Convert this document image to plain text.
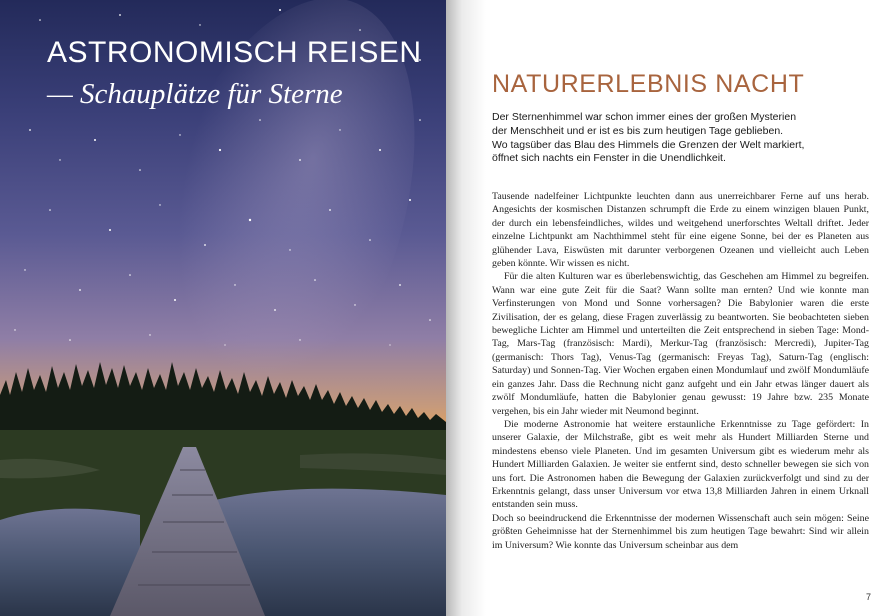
ASTRONOMISCH REISEN
— Schauplätze für Sterne	NATURERLEBNIS NACHT
Der Sternenhimmel war schon immer eines der großen Mysterien
der Menschheit und er ist es bis zum heutigen Tage geblieben.
Wo tagsüber das Blau des Himmels die Grenzen der Welt markiert,
öffnet sich nachts ein Fenster in die Unendlichkeit.

Tausende nadelfeiner Lichtpunkte leuchten dann aus unerreichbarer Ferne auf uns herab. Angesichts der kosmischen Distanzen schrumpft die Erde zu einem winzigen blauen Punkt, der durch ein lebensfeindliches, wildes und weitgehend unerforschtes Weltall driftet. Jeder einzelne Lichtpunkt am Nachthimmel steht für eine eigene Sonne, bei der es Planeten aus glühender Lava, Eiswüsten mit darunter verborgenen Ozeanen und vielleicht auch Leben geben könnte. Wir wissen es nicht.

Für die alten Kulturen war es überlebenswichtig, das Geschehen am Himmel zu begreifen. Wann war eine gute Zeit für die Saat? Wann sollte man ernten? Und wie konnte man Verfinsterungen von Mond und Sonne vorhersagen? Die Babylonier waren die erste Zivilisation, der es gelang, diese Fragen zuverlässig zu beantworten. Sie beobachteten sieben bewegliche Lichter am Himmel und unterteilten die Zeit entsprechend in sieben Tage: Mond-Tag, Mars-Tag (französisch: Mardi), Merkur-Tag (französisch: Mercredi), Jupiter-Tag (germanisch: Thors Tag), Venus-Tag (germanisch: Freyas Tag), Saturn-Tag (englisch: Saturday) und Sonnen-Tag. Vier Wochen ergaben einen Mondumlauf und zwölf Mondumläufe ein ganzes Jahr. Dass die Rechnung nicht ganz aufgeht und ein Jahr etwas länger dauert als zwölf Mondumläufe, hatten die Babylonier genau gewusst: 19 Jahre bzw. 235 Monate vergehen, bis ein Jahr wieder mit Neumond beginnt.

Die moderne Astronomie hat weitere erstaunliche Erkenntnisse zu Tage gefördert: In unserer Galaxie, der Milchstraße, gibt es weit mehr als Hundert Milliarden Sterne und mindestens ebenso viele Planeten. Und im gesamten Universum gibt es wiederum mehr als Hundert Milliarden Galaxien. Je weiter sie entfernt sind, desto schneller bewegen sie sich von uns fort. Die Astronomen haben die Bewegung der Galaxien zurückverfolgt und sind zu der Erkenntnis gelangt, dass unser Universum vor etwa 13,8 Milliarden Jahren in einem Urknall entstanden sein muss.

Doch so beeindruckend die Erkenntnisse der modernen Wissenschaft auch sein mögen: Seine größten Geheimnisse hat der Sternenhimmel bis zum heutigen Tage bewahrt: Sind wir allein im Universum? Wie konnte das Universum scheinbar aus dem

7
